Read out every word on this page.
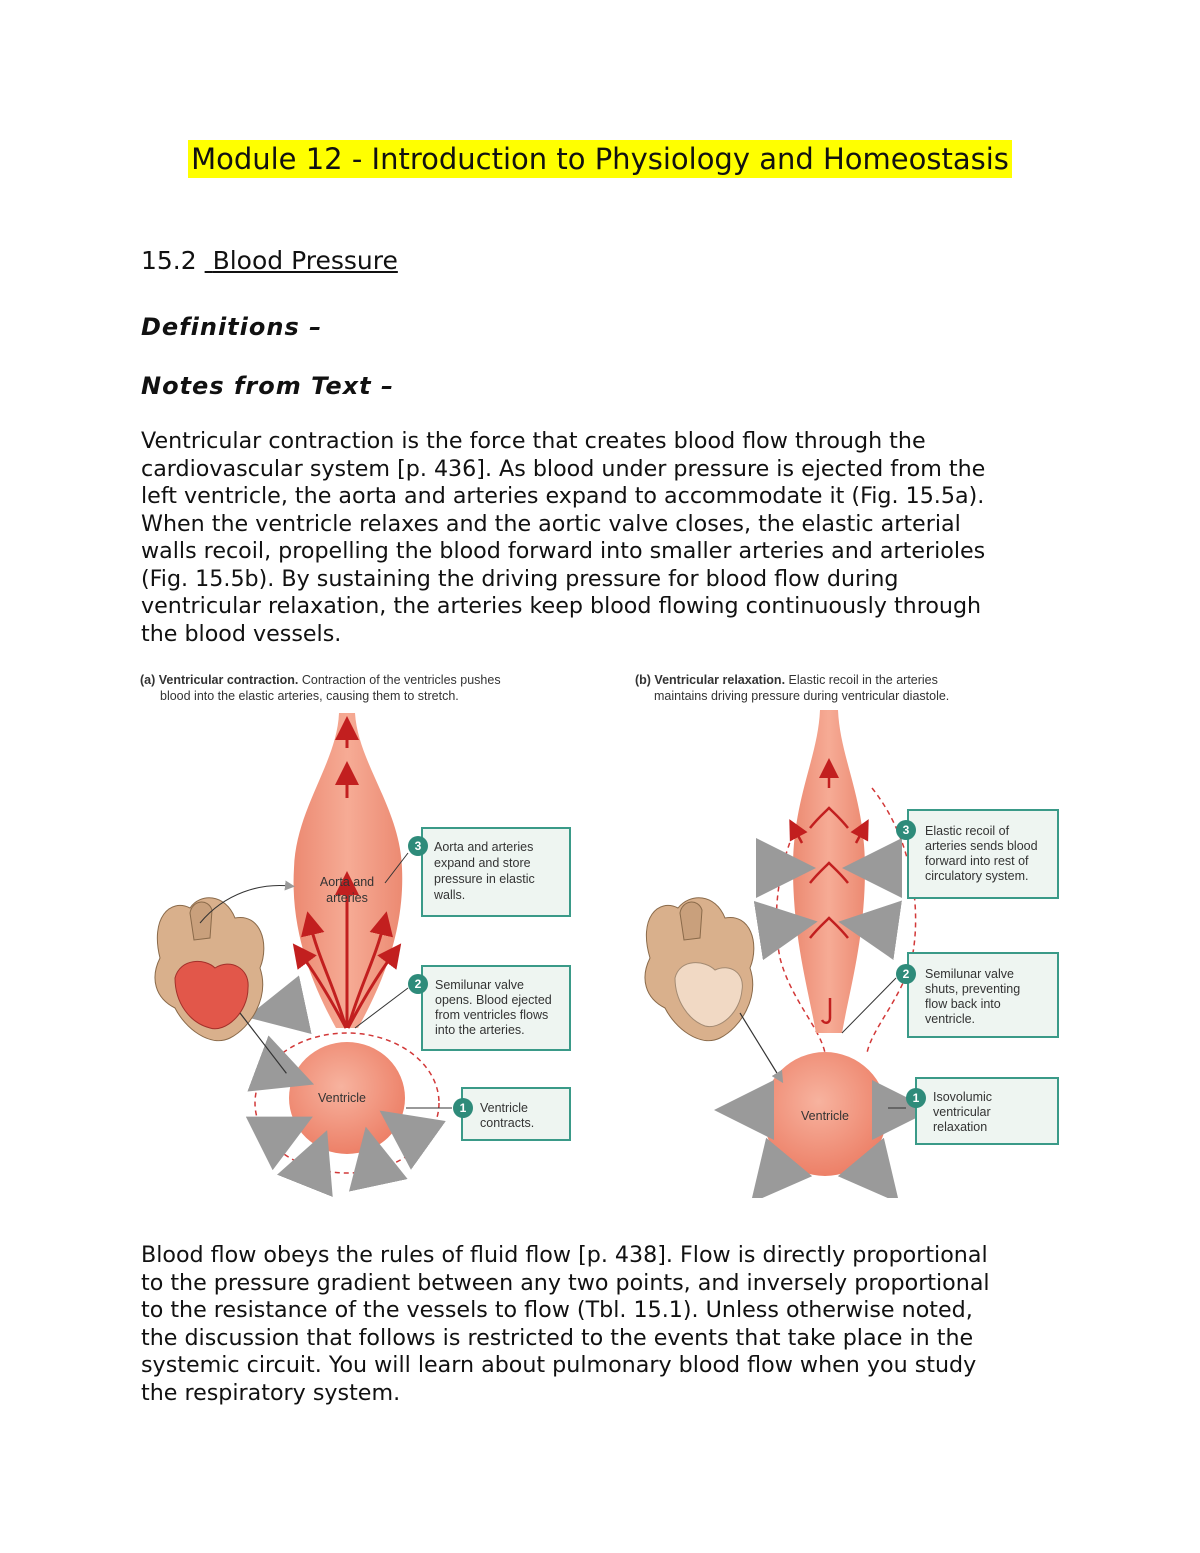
Module 12 - Introduction to Physiology and Homeostasis
15.2 Blood Pressure
Definitions –
Notes from Text –

Ventricular contraction is the force that creates blood flow through the
cardiovascular system [p. 436]. As blood under pressure is ejected from the
left ventricle, the aorta and arteries expand to accommodate it (Fig. 15.5a).
When the ventricle relaxes and the aortic valve closes, the elastic arterial
walls recoil, propelling the blood forward into smaller arteries and arterioles
(Fig. 15.5b). By sustaining the driving pressure for blood flow during
ventricular relaxation, the arteries keep blood flowing continuously through
the blood vessels.

(a) Ventricular contraction. Contraction of the ventricles pushes
blood into the elastic arteries, causing them to stretch.
Aorta and
arteries
Ventricle
3 Aorta and arteries
expand and store
pressure in elastic
walls.
2 Semilunar valve
opens. Blood ejected
from ventricles flows
into the arteries.
1 Ventricle
contracts.
(b) Ventricular relaxation. Elastic recoil in the arteries
maintains driving pressure during ventricular diastole.
Ventricle
3 Elastic recoil of
arteries sends blood
forward into rest of
circulatory system.
2 Semilunar valve
shuts, preventing
flow back into
ventricle.
1 Isovolumic
ventricular
relaxation

Blood flow obeys the rules of fluid flow [p. 438]. Flow is directly proportional
to the pressure gradient between any two points, and inversely proportional
to the resistance of the vessels to flow (Tbl. 15.1). Unless otherwise noted,
the discussion that follows is restricted to the events that take place in the
systemic circuit. You will learn about pulmonary blood flow when you study
the respiratory system.
